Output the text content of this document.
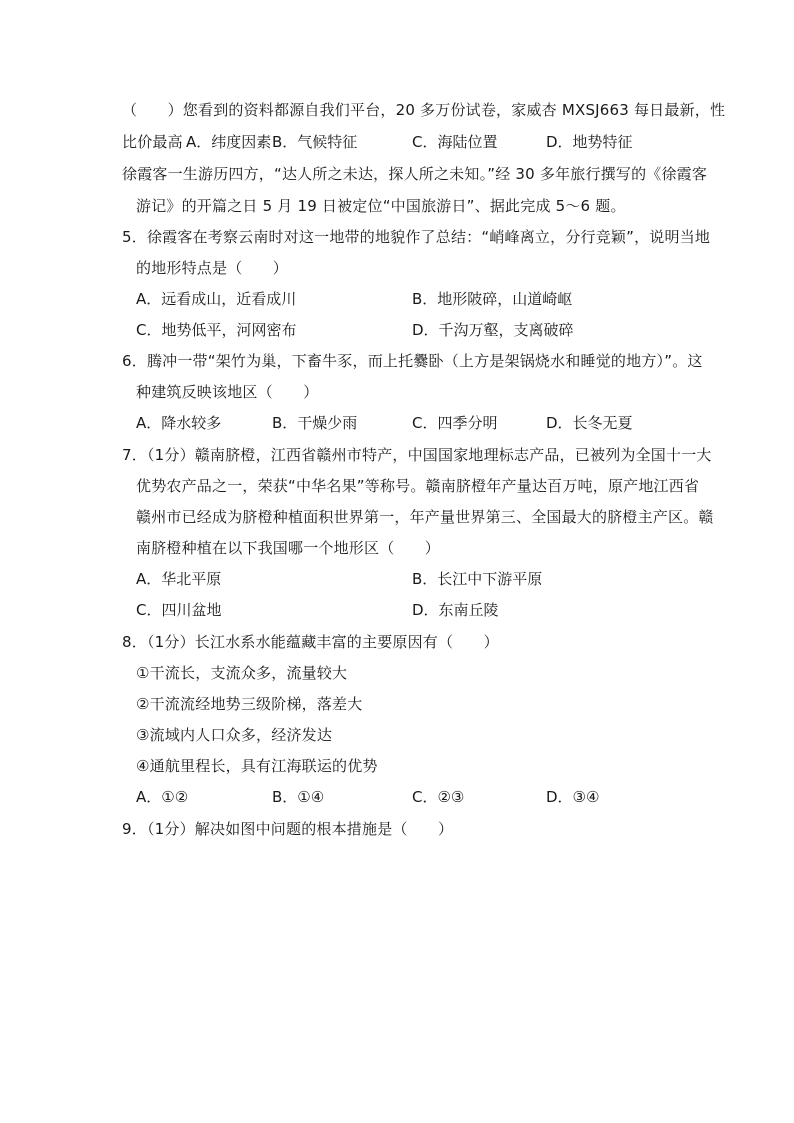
（　　）您看到的资料都源自我们平台，20 多万份试卷，家威杏 MXSJ663 每日最新，性
比价最高 A．纬度因素 B．气候特征	C．海陆位置	D．地势特征
徐霞客一生游历四方，“达人所之未达，探人所之未知。”经 30 多年旅行撰写的《徐霞客
游记》的开篇之日 5 月 19 日被定位“中国旅游日”、据此完成 5～6 题。
5．徐霞客在考察云南时对这一地带的地貌作了总结：“峭峰离立，分行竞颖”，说明当地
的地形特点是（　　）
A．远看成山，近看成川	B．地形陂碎，山道崎岖
C．地势低平，河网密布	D．千沟万壑，支离破碎
6．腾冲一带“架竹为巢，下畜牛豕，而上托爨卧（上方是架锅烧水和睡觉的地方）”。这
种建筑反映该地区（　　）
A．降水较多	B．干燥少雨	C．四季分明	D．长冬无夏
7．（1分）赣南脐橙，江西省赣州市特产，中国国家地理标志产品，已被列为全国十一大
优势农产品之一，荣获“中华名果”等称号。赣南脐橙年产量达百万吨，原产地江西省
赣州市已经成为脐橙种植面积世界第一，年产量世界第三、全国最大的脐橙主产区。赣
南脐橙种植在以下我国哪一个地形区（　　）
A．华北平原	B．长江中下游平原
C．四川盆地	D．东南丘陵
8．（1分）长江水系水能蕴藏丰富的主要原因有（　　）
①干流长，支流众多，流量较大
②干流流经地势三级阶梯，落差大
③流域内人口众多，经济发达
④通航里程长，具有江海联运的优势
A．①②	B．①④	C．②③	D．③④
9．（1分）解决如图中问题的根本措施是（　　）
